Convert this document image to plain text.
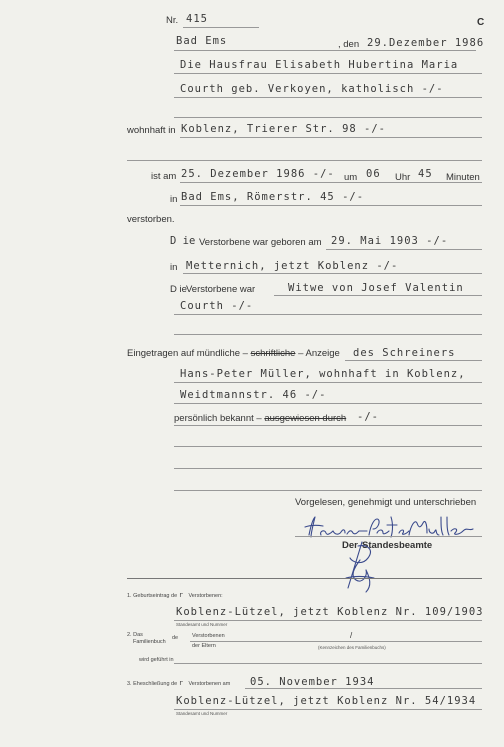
Nr. 415	C
Bad Ems	, den 29.Dezember 1986
Die Hausfrau Elisabeth Hubertina Maria
Courth geb. Verkoyen, katholisch -/-
wohnhaft in Koblenz, Trierer Str. 98 -/-
ist am 25. Dezember 1986 -/- um 06 Uhr 45 Minuten
in Bad Ems, Römerstr. 45 -/-
verstorben.
D ie Verstorbene war geboren am 29. Mai 1903 -/-
in Metternich, jetzt Koblenz -/-
D ie Verstorbene war	Witwe von Josef Valentin
Courth -/-
Eingetragen auf mündliche – schriftliche – Anzeige des Schreiners
Hans-Peter Müller, wohnhaft in Koblenz,
Weidtmannstr. 46 -/-
persönlich bekannt – ausgewiesen durch -/-
Vorgelesen, genehmigt und unterschrieben
Der Standesbeamte
1. Geburtseintrag de r Verstorbenen:
Koblenz-Lützel, jetzt Koblenz Nr. 109/1903
Standesamt und Nummer
2. Das
Familienbuch
de	Verstorbenen
der Eltern
/
(Kennzeichen des Familienbuchs)
wird geführt in
3. Eheschließung de r Verstorbenen am 05. November 1934
Koblenz-Lützel, jetzt Koblenz Nr. 54/1934
Standesamt und Nummer
